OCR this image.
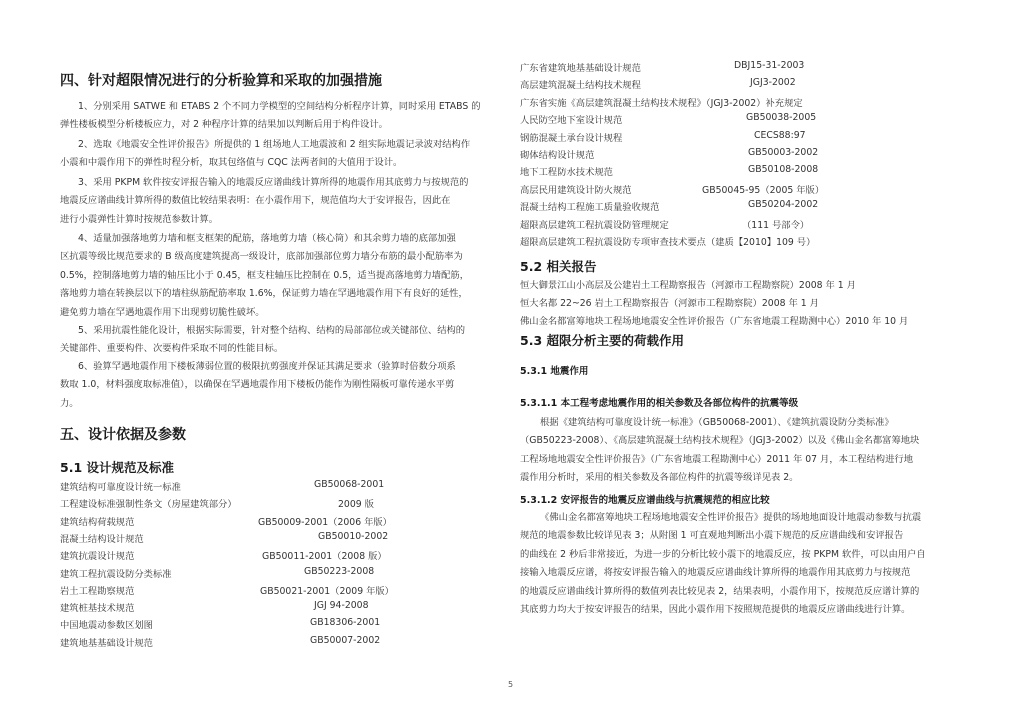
四、针对超限情况进行的分析验算和采取的加强措施
1、分别采用 SATWE 和 ETABS 2 个不同力学模型的空间结构分析程序计算，同时采用 ETABS 的
弹性楼板模型分析楼板应力，对 2 种程序计算的结果加以判断后用于构件设计。
2、选取《地震安全性评价报告》所提供的 1 组场地人工地震波和 2 组实际地震记录波对结构作
小震和中震作用下的弹性时程分析，取其包络值与 CQC 法两者间的大值用于设计。
3、采用 PKPM 软件按安评报告输入的地震反应谱曲线计算所得的地震作用其底剪力与按规范的
地震反应谱曲线计算所得的数值比较结果表明：在小震作用下，规范值均大于安评报告，因此在
进行小震弹性计算时按规范参数计算。
4、适量加强落地剪力墙和框支框架的配筋，落地剪力墙（核心筒）和其余剪力墙的底部加强
区抗震等级比规范要求的 B 级高度建筑提高一级设计，底部加强部位剪力墙分布筋的最小配筋率为
0.5%，控制落地剪力墙的轴压比小于 0.45，框支柱轴压比控制在 0.5，适当提高落地剪力墙配筋，
落地剪力墙在转换层以下的墙柱纵筋配筋率取 1.6%，保证剪力墙在罕遇地震作用下有良好的延性，
避免剪力墙在罕遇地震作用下出现剪切脆性破坏。
5、采用抗震性能化设计，根据实际需要，针对整个结构、结构的局部部位或关键部位、结构的
关键部件、重要构件、次要构件采取不同的性能目标。
6、验算罕遇地震作用下楼板薄弱位置的极限抗剪强度并保证其满足要求（验算时倍数分项系
数取 1.0，材料强度取标准值），以确保在罕遇地震作用下楼板仍能作为刚性隔板可靠传递水平剪
力。
五、设计依据及参数
5.1 设计规范及标准
建筑结构可靠度设计统一标准	GB50068-2001
工程建设标准强制性条文（房屋建筑部分）	2009 版
建筑结构荷载规范	GB50009-2001（2006 年版）
混凝土结构设计规范	GB50010-2002
建筑抗震设计规范	GB50011-2001（2008 版）
建筑工程抗震设防分类标准	GB50223-2008
岩土工程勘察规范	GB50021-2001（2009 年版）
建筑桩基技术规范	JGJ 94-2008
中国地震动参数区划图	GB18306-2001
建筑地基基础设计规范	GB50007-2002
广东省建筑地基基础设计规范	DBJ15-31-2003
高层建筑混凝土结构技术规程	JGJ3-2002
广东省实施《高层建筑混凝土结构技术规程》（JGJ3-2002）补充规定
人民防空地下室设计规范	GB50038-2005
钢筋混凝土承台设计规程	CECS88:97
砌体结构设计规范	GB50003-2002
地下工程防水技术规范	GB50108-2008
高层民用建筑设计防火规范	GB50045-95（2005 年版）
混凝土结构工程施工质量验收规范	GB50204-2002
超限高层建筑工程抗震设防管理规定	（111 号部令）
超限高层建筑工程抗震设防专项审查技术要点（建质【2010】109 号）
5.2 相关报告
恒大御景江山小高层及公建岩土工程勘察报告（河源市工程勘察院）2008 年 1 月
恒大名都 22~26 岩土工程勘察报告（河源市工程勘察院）2008 年 1 月
佛山金名都富筹地块工程场地地震安全性评价报告（广东省地震工程勘测中心）2010 年 10 月
5.3 超限分析主要的荷载作用
5.3.1 地震作用
5.3.1.1 本工程考虑地震作用的相关参数及各部位构件的抗震等级
根据《建筑结构可靠度设计统一标准》（GB50068-2001）、《建筑抗震设防分类标准》
（GB50223-2008）、《高层建筑混凝土结构技术规程》（JGJ3-2002）以及《佛山金名都富筹地块
工程场地地震安全性评价报告》（广东省地震工程勘测中心）2011 年 07 月，本工程结构进行地
震作用分析时，采用的相关参数及各部位构件的抗震等级详见表 2。
5.3.1.2 安评报告的地震反应谱曲线与抗震规范的相应比较
《佛山金名都富筹地块工程场地地震安全性评价报告》提供的场地地面设计地震动参数与抗震
规范的地震参数比较详见表 3；从附图 1 可直观地判断出小震下规范的反应谱曲线和安评报告
的曲线在 2 秒后非常接近，为进一步的分析比较小震下的地震反应，按 PKPM 软件，可以由用户自
接输入地震反应谱，将按安评报告输入的地震反应谱曲线计算所得的地震作用其底剪力与按规范
的地震反应谱曲线计算所得的数值列表比较见表 2，结果表明，小震作用下，按规范反应谱计算的
其底剪力均大于按安评报告的结果，因此小震作用下按照规范提供的地震反应谱曲线进行计算。
5
